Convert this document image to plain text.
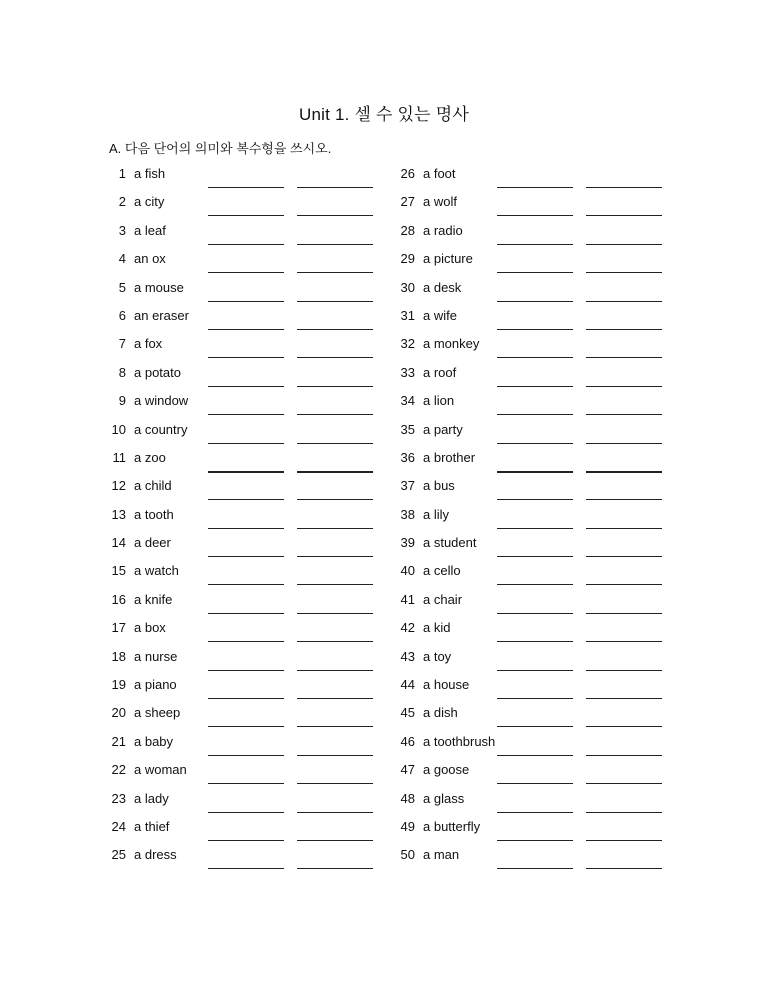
Unit 1. 셀 수 있는 명사
A. 다음 단어의 의미와 복수형을 쓰시오.
1 a fish
2 a city
3 a leaf
4 an ox
5 a mouse
6 an eraser
7 a fox
8 a potato
9 a window
10 a country
11 a zoo
12 a child
13 a tooth
14 a deer
15 a watch
16 a knife
17 a box
18 a nurse
19 a piano
20 a sheep
21 a baby
22 a woman
23 a lady
24 a thief
25 a dress
26 a foot
27 a wolf
28 a radio
29 a picture
30 a desk
31 a wife
32 a monkey
33 a roof
34 a lion
35 a party
36 a brother
37 a bus
38 a lily
39 a student
40 a cello
41 a chair
42 a kid
43 a toy
44 a house
45 a dish
46 a toothbrush
47 a goose
48 a glass
49 a butterfly
50 a man
